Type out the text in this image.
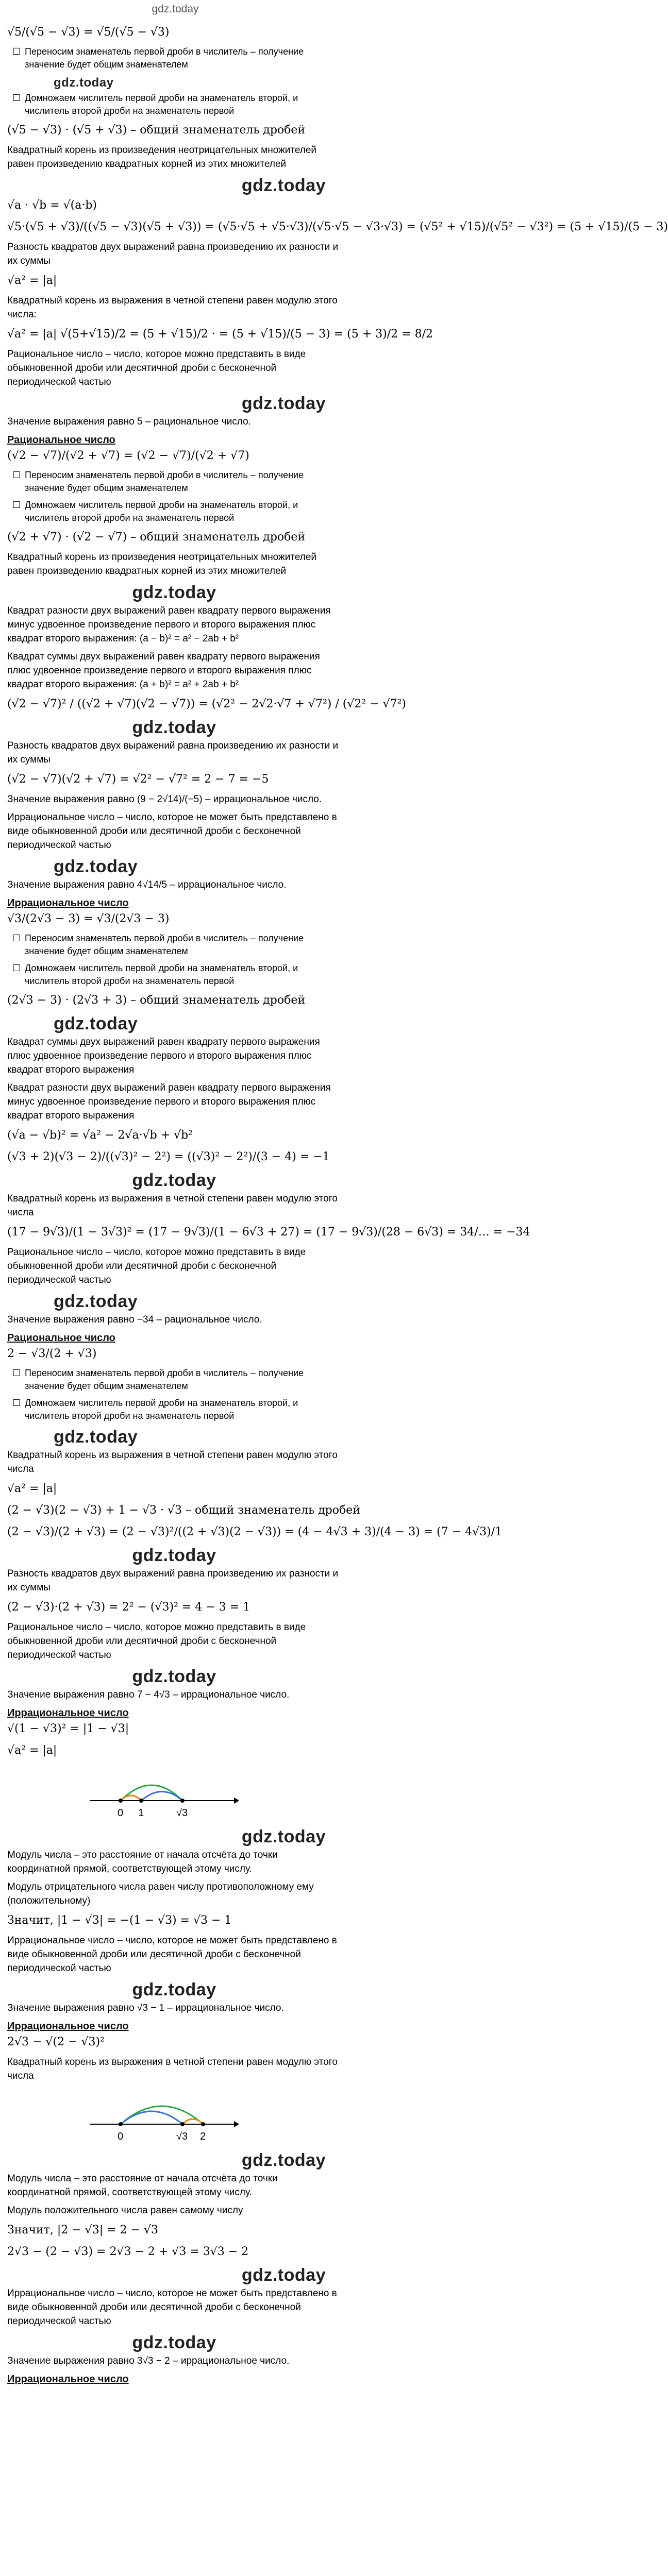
gdz.today
√5/(√5 − √3) = √5/(√5 − √3)
☐ Переносим знаменатель первой дроби в числитель – получение значение будет общим знаменателем
gdz.today
☐ Домножаем числитель первой дроби на знаменатель второй, и числитель второй дроби на знаменатель первой
(√5 − √3) · (√5 + √3) – общий знаменатель дробей
Квадратный корень из произведения неотрицательных множителей равен произведению квадратных корней из этих множителей
gdz.today
√a · √b = √(a·b)
√5·(√5 + √3)/((√5 − √3)(√5 + √3)) = (√5·√5 + √5·√3)/(√5·√5 − √3·√3) = (√5² + √15)/(√5² − √3²) = (5 + √15)/(5 − 3)
Разность квадратов двух выражений равна произведению их разности и их суммы
√a² = |a|
Квадратный корень из выражения в четной степени равен модулю этого числа:
√a² = |a| √(5+√15)/2 = (5 + √15)/2 · = (5 + √15)/(5 − 3) = (5 + 3)/2 = 8/2
Рациональное число – число, которое можно представить в виде обыкновенной дроби или десятичной дроби с бесконечной периодической частью
gdz.today
Значение выражения равно 5 – рациональное число.
Рациональное число
(√2 − √7)/(√2 + √7) = (√2 − √7)/(√2 + √7)
☐ Переносим знаменатель первой дроби в числитель – получение значение будет общим знаменателем
☐ Домножаем числитель первой дроби на знаменатель второй, и числитель второй дроби на знаменатель первой
(√2 + √7) · (√2 − √7) – общий знаменатель дробей
Квадратный корень из произведения неотрицательных множителей равен произведению квадратных корней из этих множителей
gdz.today
Квадрат разности двух выражений равен квадрату первого выражения минус удвоенное произведение первого и второго выражения плюс квадрат второго выражения: (a − b)² = a² − 2ab + b²
Квадрат суммы двух выражений равен квадрату первого выражения плюс удвоенное произведение первого и второго выражения плюс квадрат второго выражения: (a + b)² = a² + 2ab + b²
(√2 − √7)² / ((√2 + √7)(√2 − √7)) = (√2² − 2√2·√7 + √7²) / (√2² − √7²)
gdz.today
Разность квадратов двух выражений равна произведению их разности и их суммы
(√2 − √7)(√2 + √7) = √2² − √7² = 2 − 7 = −5
Значение выражения равно (9 − 2√14)/(−5) – иррациональное число.
Иррациональное число – число, которое не может быть представлено в виде обыкновенной дроби или десятичной дроби с бесконечной периодической частью
gdz.today
Значение выражения равно 4√14/5 – иррациональное число.
Иррациональное число
√3/(2√3 − 3) = √3/(2√3 − 3)
☐ Переносим знаменатель первой дроби в числитель – получение значение будет общим знаменателем
☐ Домножаем числитель первой дроби на знаменатель второй, и числитель второй дроби на знаменатель первой
(2√3 − 3) · (2√3 + 3) – общий знаменатель дробей
gdz.today
Квадрат суммы двух выражений равен квадрату первого выражения плюс удвоенное произведение первого и второго выражения плюс квадрат второго выражения
Квадрат разности двух выражений равен квадрату первого выражения минус удвоенное произведение первого и второго выражения плюс квадрат второго выражения
(√a − √b)² = √a² − 2√a·√b + √b²
(√3 + 2)(√3 − 2)/((√3)² − 2²) = ((√3)² − 2²)/(3 − 4) = −1
gdz.today
Квадратный корень из выражения в четной степени равен модулю этого числа
(17 − 9√3)/(1 − 3√3)² = (17 − 9√3)/(1 − 6√3 + 27) = (17 − 9√3)/(28 − 6√3) = 34/… = −34
Рациональное число – число, которое можно представить в виде обыкновенной дроби или десятичной дроби с бесконечной периодической частью
gdz.today
Значение выражения равно −34 – рациональное число.
Рациональное число
2 − √3/(2 + √3)
☐ Переносим знаменатель первой дроби в числитель – получение значение будет общим знаменателем
☐ Домножаем числитель первой дроби на знаменатель второй, и числитель второй дроби на знаменатель первой
gdz.today
Квадратный корень из выражения в четной степени равен модулю этого числа
√a² = |a|
(2 − √3)(2 − √3) + 1 − √3 · √3 – общий знаменатель дробей
(2 − √3)/(2 + √3) = (2 − √3)²/((2 + √3)(2 − √3)) = (4 − 4√3 + 3)/(4 − 3) = (7 − 4√3)/1
gdz.today
Разность квадратов двух выражений равна произведению их разности и их суммы
(2 − √3)·(2 + √3) = 2² − (√3)² = 4 − 3 = 1
Рациональное число – число, которое можно представить в виде обыкновенной дроби или десятичной дроби с бесконечной периодической частью
gdz.today
Значение выражения равно 7 − 4√3 – иррациональное число.
Иррациональное число
√(1 − √3)² = |1 − √3|
√a² = |a|
0 1	√3
gdz.today
Модуль числа – это расстояние от начала отсчёта до точки координатной прямой, соответствующей этому числу.
Модуль отрицательного числа равен числу противоположному ему (положительному)
Значит, |1 − √3| = −(1 − √3) = √3 − 1
Иррациональное число – число, которое не может быть представлено в виде обыкновенной дроби или десятичной дроби с бесконечной периодической частью
gdz.today
Значение выражения равно √3 − 1 – иррациональное число.
Иррациональное число
2√3 − √(2 − √3)²
Квадратный корень из выражения в четной степени равен модулю этого числа
0	√3 2
gdz.today
Модуль числа – это расстояние от начала отсчёта до точки координатной прямой, соответствующей этому числу.
Модуль положительного числа равен самому числу
Значит, |2 − √3| = 2 − √3
2√3 − (2 − √3) = 2√3 − 2 + √3 = 3√3 − 2
gdz.today
Иррациональное число – число, которое не может быть представлено в виде обыкновенной дроби или десятичной дроби с бесконечной периодической частью
gdz.today
Значение выражения равно 3√3 − 2 – иррациональное число.
Иррациональное число
